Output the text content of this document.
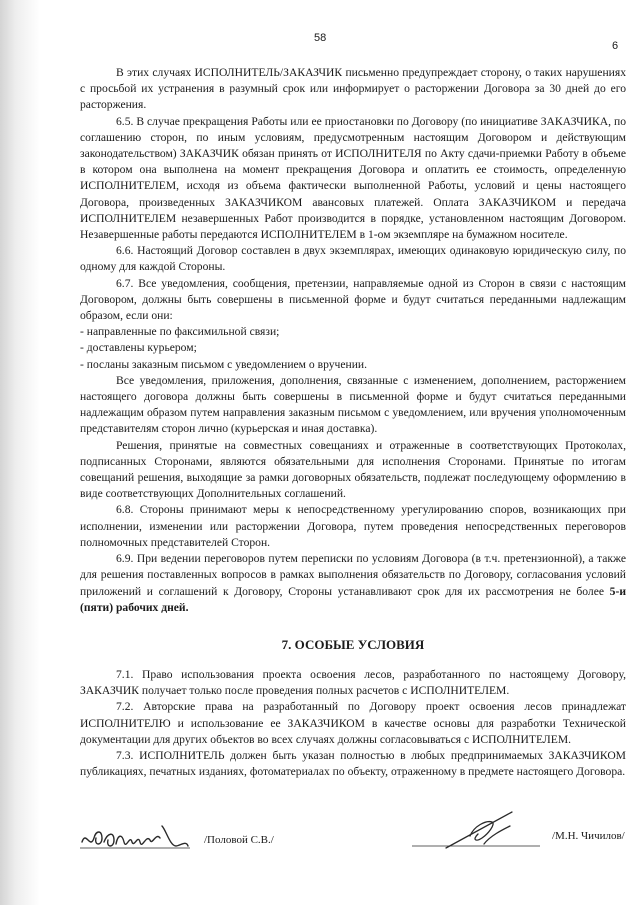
58
6

В этих случаях ИСПОЛНИТЕЛЬ/ЗАКАЗЧИК письменно предупреждает сторону, о таких нарушениях с просьбой их устранения в разумный срок или информирует о расторжении Договора за 30 дней до его расторжения.

6.5. В случае прекращения Работы или ее приостановки по Договору (по инициативе ЗАКАЗЧИКА, по соглашению сторон, по иным условиям, предусмотренным настоящим Договором и действующим законодательством) ЗАКАЗЧИК обязан принять от ИСПОЛНИТЕЛЯ по Акту сдачи-приемки Работу в объеме в котором она выполнена на момент прекращения Договора и оплатить ее стоимость, определенную ИСПОЛНИТЕЛЕМ, исходя из объема фактически выполненной Работы, условий и цены настоящего Договора, произведенных ЗАКАЗЧИКОМ авансовых платежей. Оплата ЗАКАЗЧИКОМ и передача ИСПОЛНИТЕЛЕМ незавершенных Работ производится в порядке, установленном настоящим Договором. Незавершенные работы передаются ИСПОЛНИТЕЛЕМ в 1-ом экземпляре на бумажном носителе.

6.6. Настоящий Договор составлен в двух экземплярах, имеющих одинаковую юридическую силу, по одному для каждой Стороны.

6.7. Все уведомления, сообщения, претензии, направляемые одной из Сторон в связи с настоящим Договором, должны быть совершены в письменной форме и будут считаться переданными надлежащим образом, если они:

- направленные по факсимильной связи;

- доставлены курьером;

- посланы заказным письмом с уведомлением о вручении.

Все уведомления, приложения, дополнения, связанные с изменением, дополнением, расторжением настоящего договора должны быть совершены в письменной форме и будут считаться переданными надлежащим образом путем направления заказным письмом с уведомлением, или вручения уполномоченным представителям сторон лично (курьерская и иная доставка).

Решения, принятые на совместных совещаниях и отраженные в соответствующих Протоколах, подписанных Сторонами, являются обязательными для исполнения Сторонами. Принятые по итогам совещаний решения, выходящие за рамки договорных обязательств, подлежат последующему оформлению в виде соответствующих Дополнительных соглашений.

6.8. Стороны принимают меры к непосредственному урегулированию споров, возникающих при исполнении, изменении или расторжении Договора, путем проведения непосредственных переговоров полномочных представителей Сторон.

6.9. При ведении переговоров путем переписки по условиям Договора (в т.ч. претензионной), а также для решения поставленных вопросов в рамках выполнения обязательств по Договору, согласования условий приложений и соглашений к Договору, Стороны устанавливают срок для их рассмотрения не более 5-и (пяти) рабочих дней.

7. ОСОБЫЕ УСЛОВИЯ

7.1. Право использования проекта освоения лесов, разработанного по настоящему Договору, ЗАКАЗЧИК получает только после проведения полных расчетов с ИСПОЛНИТЕЛЕМ.

7.2. Авторские права на разработанный по Договору проект освоения лесов принадлежат ИСПОЛНИТЕЛЮ и использование ее ЗАКАЗЧИКОМ в качестве основы для разработки Технической документации для других объектов во всех случаях должны согласовываться с ИСПОЛНИТЕЛЕМ.

7.3. ИСПОЛНИТЕЛЬ должен быть указан полностью в любых предпринимаемых ЗАКАЗЧИКОМ публикациях, печатных изданиях, фотоматериалах по объекту, отраженному в предмете настоящего Договора.

/Половой С.В./	/М.Н. Чичилов/
